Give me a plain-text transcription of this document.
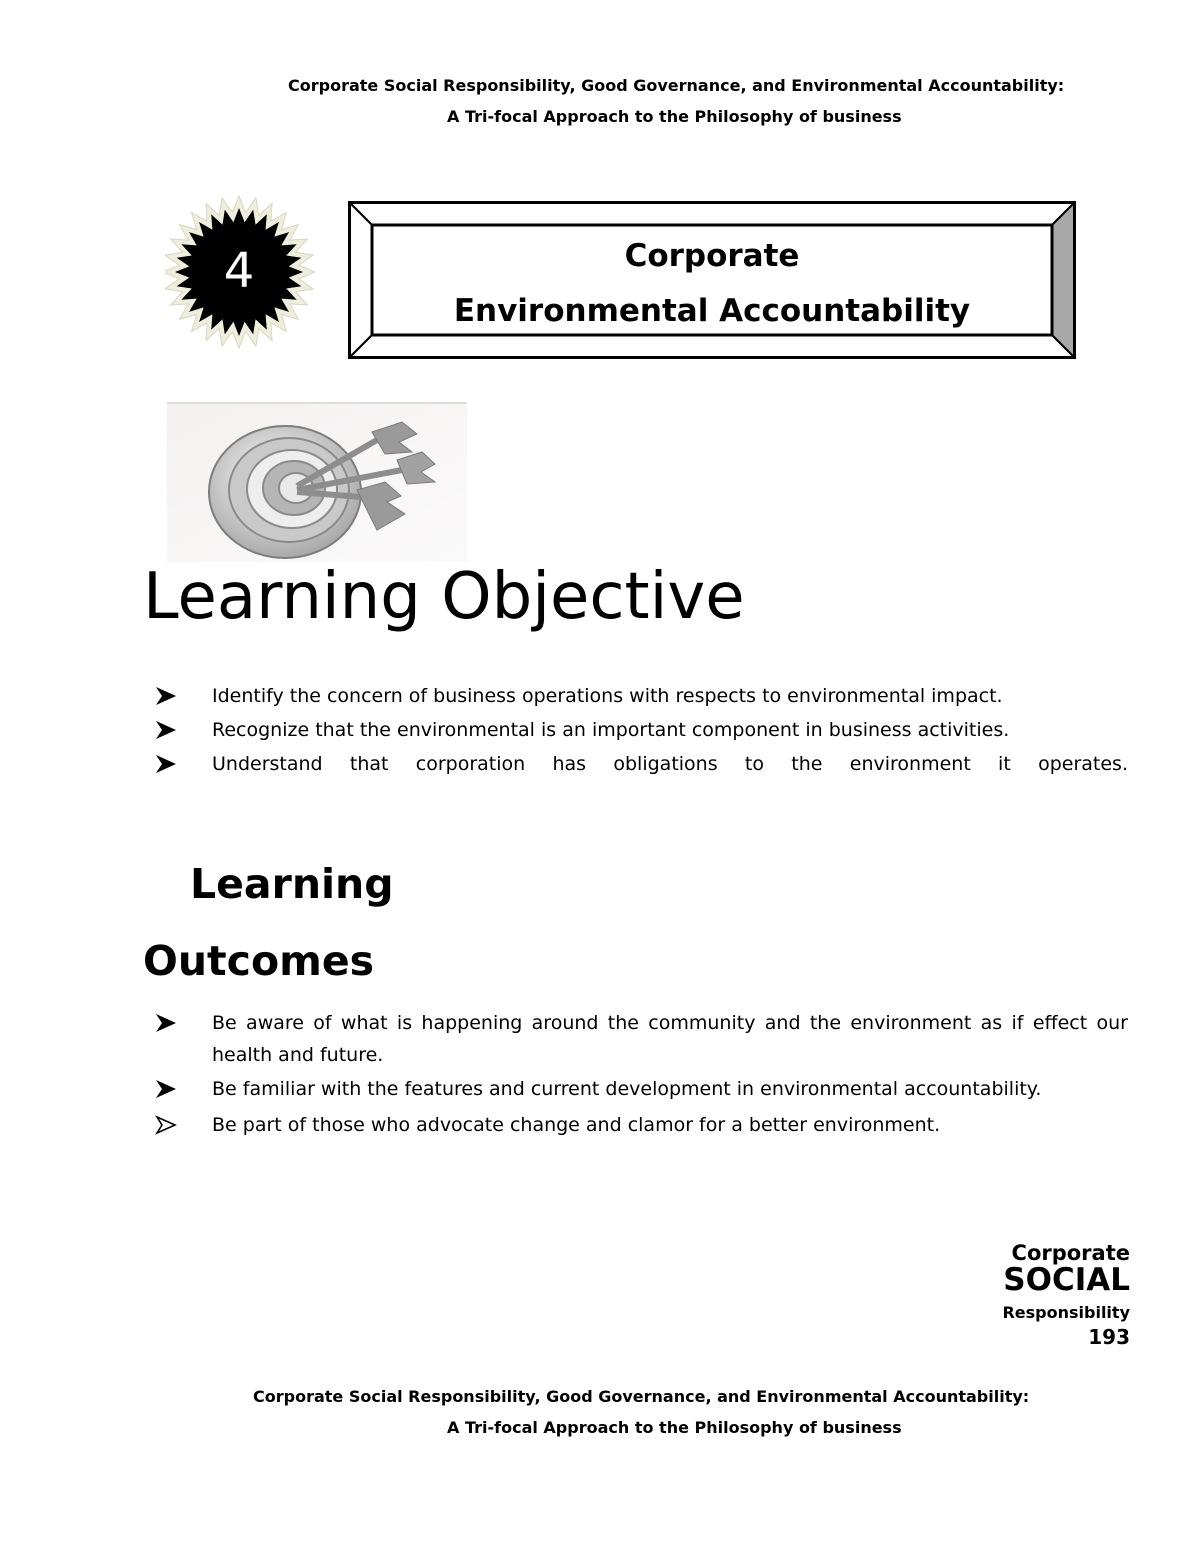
Corporate Social Responsibility, Good Governance, and Environmental Accountability:
A Tri-focal Approach to the Philosophy of business
4	Corporate
Environmental Accountability
Learning Objective
Identify the concern of business operations with respects to environmental impact.
Recognize that the environmental is an important component in business activities.
Understand that corporation has obligations to the environment it operates.
Learning
Outcomes
Be aware of what is happening around the community and the environment as if effect our health and future.
Be familiar with the features and current development in environmental accountability.
Be part of those who advocate change and clamor for a better environment.
Corporate
SOCIAL
Responsibility
193
Corporate Social Responsibility, Good Governance, and Environmental Accountability:
A Tri-focal Approach to the Philosophy of business
